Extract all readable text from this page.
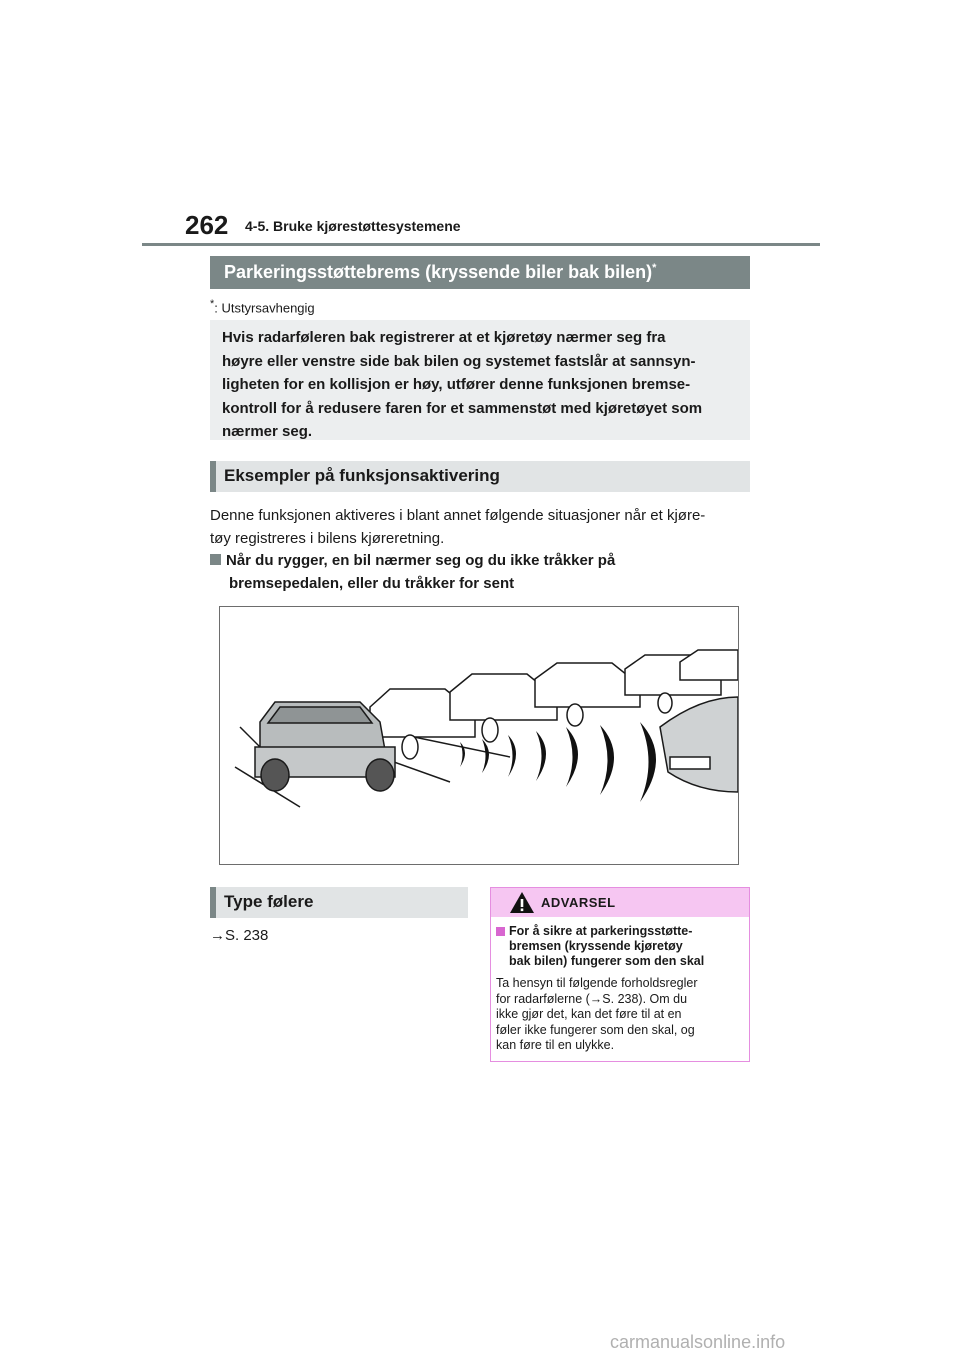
262 4-5. Bruke kjørestøttesystemene
Parkeringsstøttebrems (kryssende biler bak bilen)*
*: Utstyrsavhengig
Hvis radarføleren bak registrerer at et kjøretøy nærmer seg fra
høyre eller venstre side bak bilen og systemet fastslår at sannsyn-
ligheten for en kollisjon er høy, utfører denne funksjonen bremse-
kontroll for å redusere faren for et sammenstøt med kjøretøyet som
nærmer seg.
Eksempler på funksjonsaktivering
Denne funksjonen aktiveres i blant annet følgende situasjoner når et kjøre-
tøy registreres i bilens kjøreretning.
Når du rygger, en bil nærmer seg og du ikke tråkker på
bremsepedalen, eller du tråkker for sent
Type følere
→S. 238
ADVARSEL
For å sikre at parkeringsstøtte-
bremsen (kryssende kjøretøy
bak bilen) fungerer som den skal
Ta hensyn til følgende forholdsregler
for radarfølerne (→S. 238). Om du
ikke gjør det, kan det føre til at en
føler ikke fungerer som den skal, og
kan føre til en ulykke.
carmanualsonline.info
